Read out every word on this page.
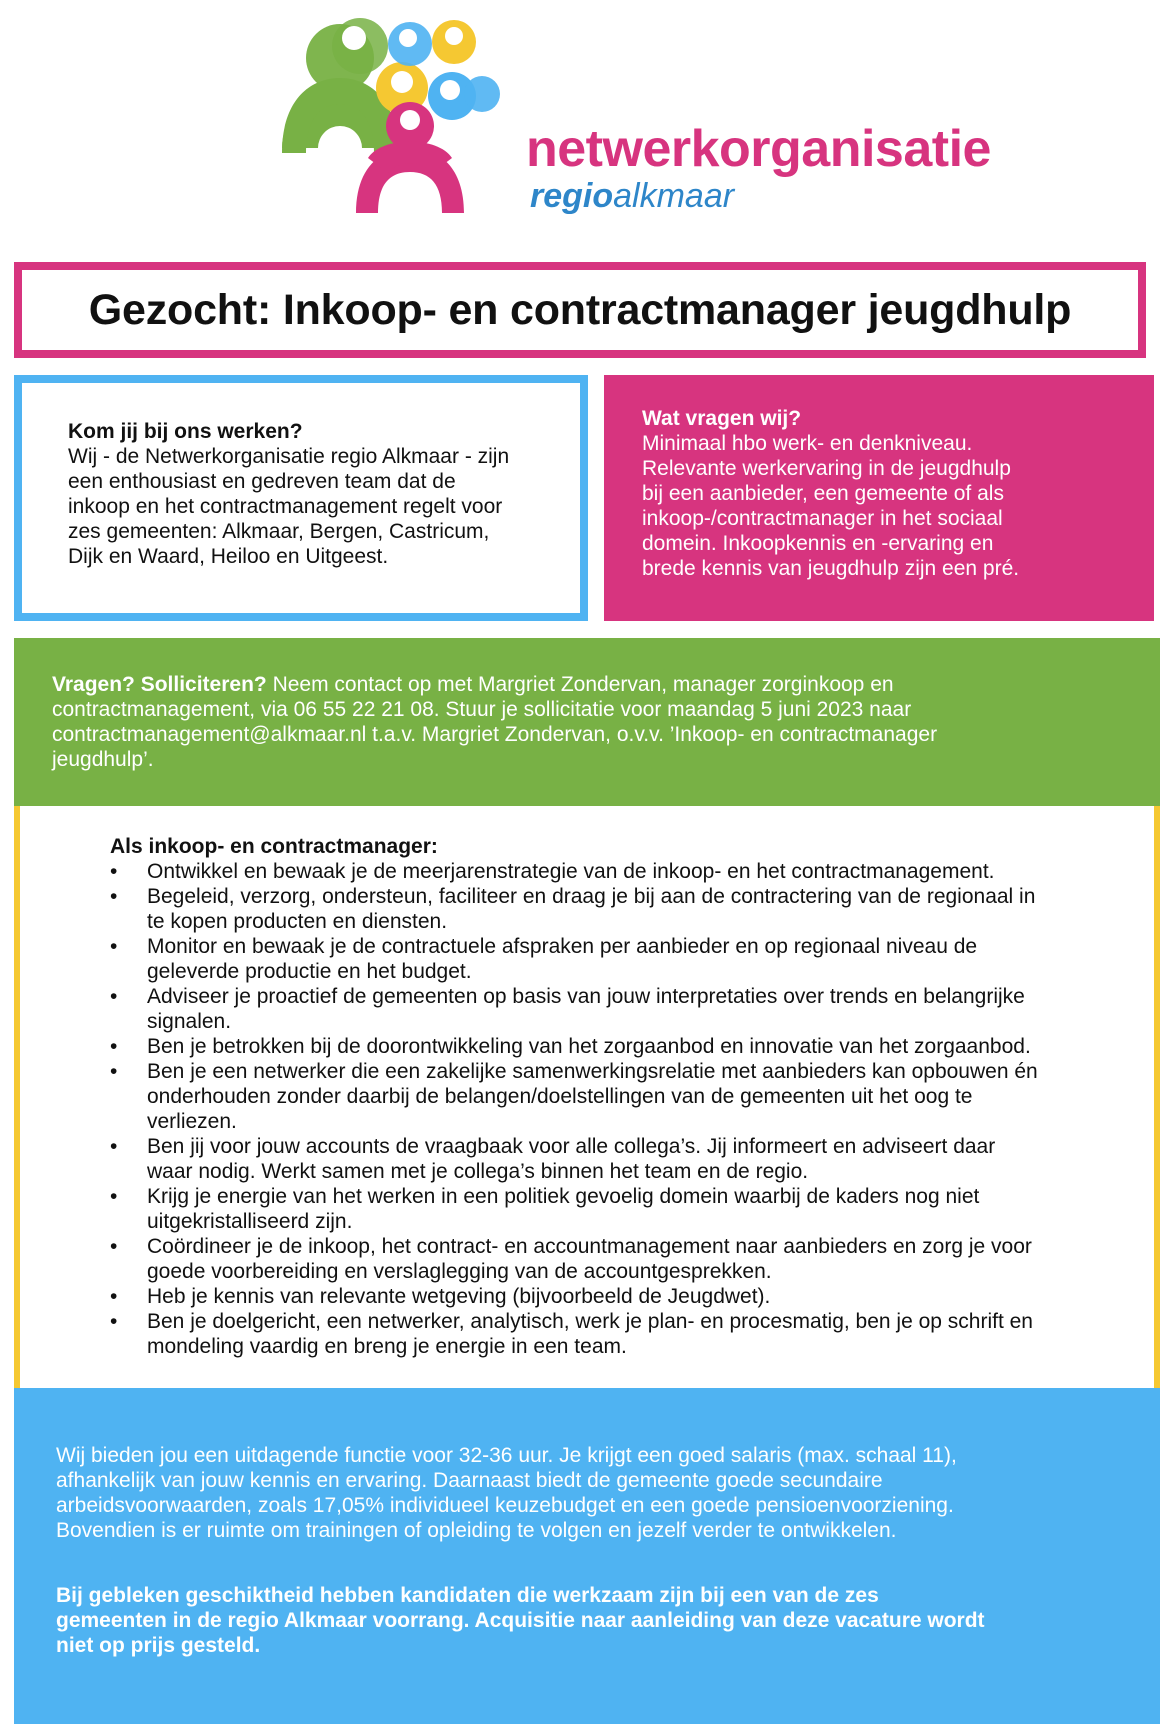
netwerkorganisatie
regioalkmaar
Gezocht: Inkoop- en contractmanager jeugdhulp
Kom jij bij ons werken?
Wij - de Netwerkorganisatie regio Alkmaar - zijn
een enthousiast en gedreven team dat de
inkoop en het contractmanagement regelt voor
zes gemeenten: Alkmaar, Bergen, Castricum,
Dijk en Waard, Heiloo en Uitgeest.
Wat vragen wij?
Minimaal hbo werk- en denkniveau.
Relevante werkervaring in de jeugdhulp
bij een aanbieder, een gemeente of als
inkoop-/contractmanager in het sociaal
domein. Inkoopkennis en -ervaring en
brede kennis van jeugdhulp zijn een pré.
Vragen? Solliciteren? Neem contact op met Margriet Zondervan, manager zorginkoop en
contractmanagement, via 06 55 22 21 08. Stuur je sollicitatie voor maandag 5 juni 2023 naar
contractmanagement@alkmaar.nl t.a.v. Margriet Zondervan, o.v.v. ’Inkoop- en contractmanager
jeugdhulp’.
Als inkoop- en contractmanager:
• Ontwikkel en bewaak je de meerjarenstrategie van de inkoop- en het contractmanagement.
• Begeleid, verzorg, ondersteun, faciliteer en draag je bij aan de contractering van de regionaal in
te kopen producten en diensten.
• Monitor en bewaak je de contractuele afspraken per aanbieder en op regionaal niveau de
geleverde productie en het budget.
• Adviseer je proactief de gemeenten op basis van jouw interpretaties over trends en belangrijke
signalen.
• Ben je betrokken bij de doorontwikkeling van het zorgaanbod en innovatie van het zorgaanbod.
• Ben je een netwerker die een zakelijke samenwerkingsrelatie met aanbieders kan opbouwen én
onderhouden zonder daarbij de belangen/doelstellingen van de gemeenten uit het oog te
verliezen.
• Ben jij voor jouw accounts de vraagbaak voor alle collega’s. Jij informeert en adviseert daar
waar nodig. Werkt samen met je collega’s binnen het team en de regio.
• Krijg je energie van het werken in een politiek gevoelig domein waarbij de kaders nog niet
uitgekristalliseerd zijn.
• Coördineer je de inkoop, het contract- en accountmanagement naar aanbieders en zorg je voor
goede voorbereiding en verslaglegging van de accountgesprekken.
• Heb je kennis van relevante wetgeving (bijvoorbeeld de Jeugdwet).
• Ben je doelgericht, een netwerker, analytisch, werk je plan- en procesmatig, ben je op schrift en
mondeling vaardig en breng je energie in een team.

Wij bieden jou een uitdagende functie voor 32-36 uur. Je krijgt een goed salaris (max. schaal 11),
afhankelijk van jouw kennis en ervaring. Daarnaast biedt de gemeente goede secundaire
arbeidsvoorwaarden, zoals 17,05% individueel keuzebudget en een goede pensioenvoorziening.
Bovendien is er ruimte om trainingen of opleiding te volgen en jezelf verder te ontwikkelen.

Bij gebleken geschiktheid hebben kandidaten die werkzaam zijn bij een van de zes
gemeenten in de regio Alkmaar voorrang. Acquisitie naar aanleiding van deze vacature wordt
niet op prijs gesteld.
